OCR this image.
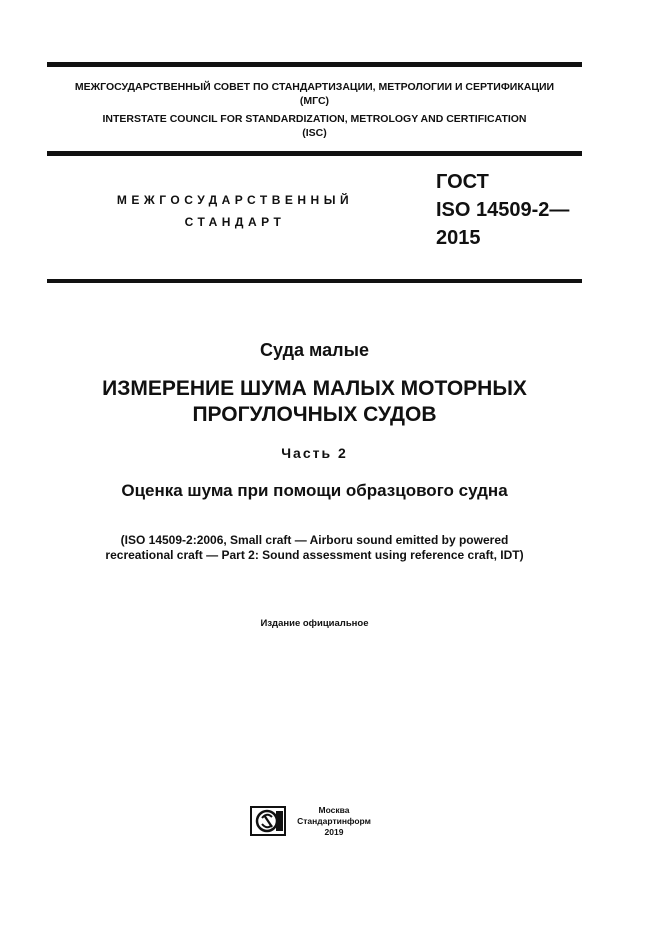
МЕЖГОСУДАРСТВЕННЫЙ СОВЕТ ПО СТАНДАРТИЗАЦИИ, МЕТРОЛОГИИ И СЕРТИФИКАЦИИ
(МГС)
INTERSTATE COUNCIL FOR STANDARDIZATION, METROLOGY AND CERTIFICATION
(ISC)
МЕЖГОСУДАРСТВЕННЫЙ
СТАНДАРТ
ГОСТ
ISO 14509-2—
2015
Суда малые
ИЗМЕРЕНИЕ ШУМА МАЛЫХ МОТОРНЫХ
ПРОГУЛОЧНЫХ СУДОВ
Часть 2
Оценка шума при помощи образцового судна
(ISO 14509-2:2006, Small craft — Airboru sound emitted by powered
recreational craft — Part 2: Sound assessment using reference craft, IDT)
Издание официальное
Москва
Стандартинформ
2019
